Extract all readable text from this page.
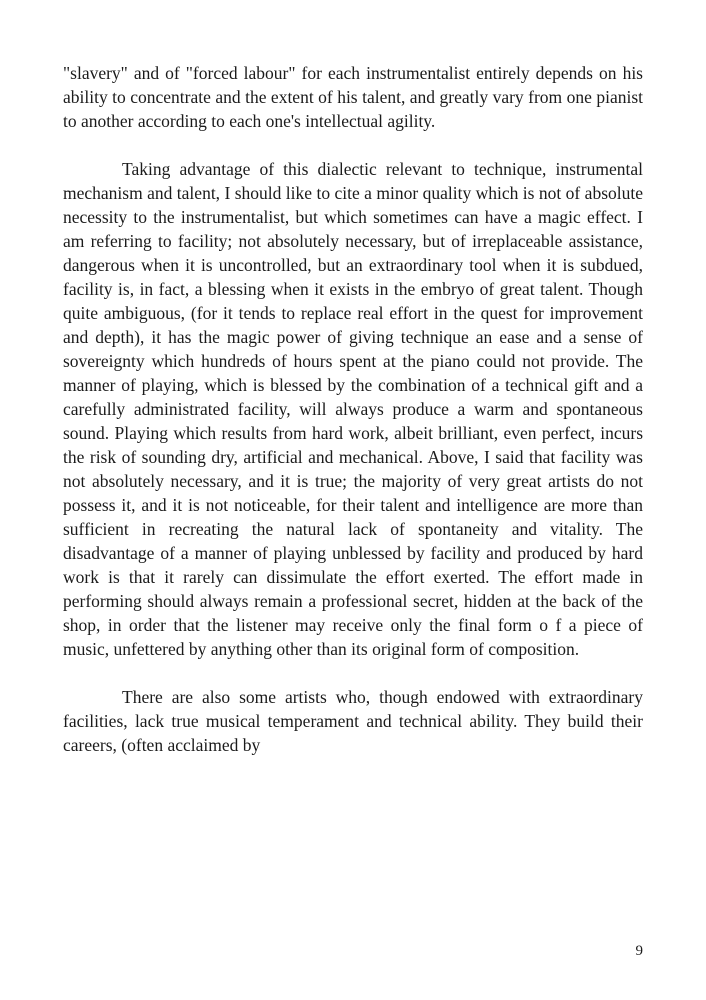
"slavery" and of "forced labour" for each instrumentalist entirely depends on his ability to concentrate and the extent of his talent, and greatly vary from one pianist to another according to each one's intellectual agility.

Taking advantage of this dialectic relevant to technique, instrumental mechanism and talent, I should like to cite a minor quality which is not of absolute necessity to the instrumentalist, but which sometimes can have a magic effect. I am referring to facility; not absolutely necessary, but of irreplaceable assistance, dangerous when it is uncontrolled, but an extraordinary tool when it is subdued, facility is, in fact, a blessing when it exists in the embryo of great talent. Though quite ambiguous, (for it tends to replace real effort in the quest for improvement and depth), it has the magic power of giving technique an ease and a sense of sovereignty which hundreds of hours spent at the piano could not provide. The manner of playing, which is blessed by the combination of a technical gift and a carefully administrated facility, will always produce a warm and spontaneous sound. Playing which results from hard work, albeit brilliant, even perfect, incurs the risk of sounding dry, artificial and mechanical. Above, I said that facility was not absolutely necessary, and it is true; the majority of very great artists do not possess it, and it is not noticeable, for their talent and intelligence are more than sufficient in recreating the natural lack of spontaneity and vitality. The disadvantage of a manner of playing unblessed by facility and produced by hard work is that it rarely can dissimulate the effort exerted. The effort made in performing should always remain a professional secret, hidden at the back of the shop, in order that the listener may receive only the final form o f a piece of music, unfettered by anything other than its original form of composition.

There are also some artists who, though endowed with extraordinary facilities, lack true musical temperament and technical ability. They build their careers, (often acclaimed by

9
